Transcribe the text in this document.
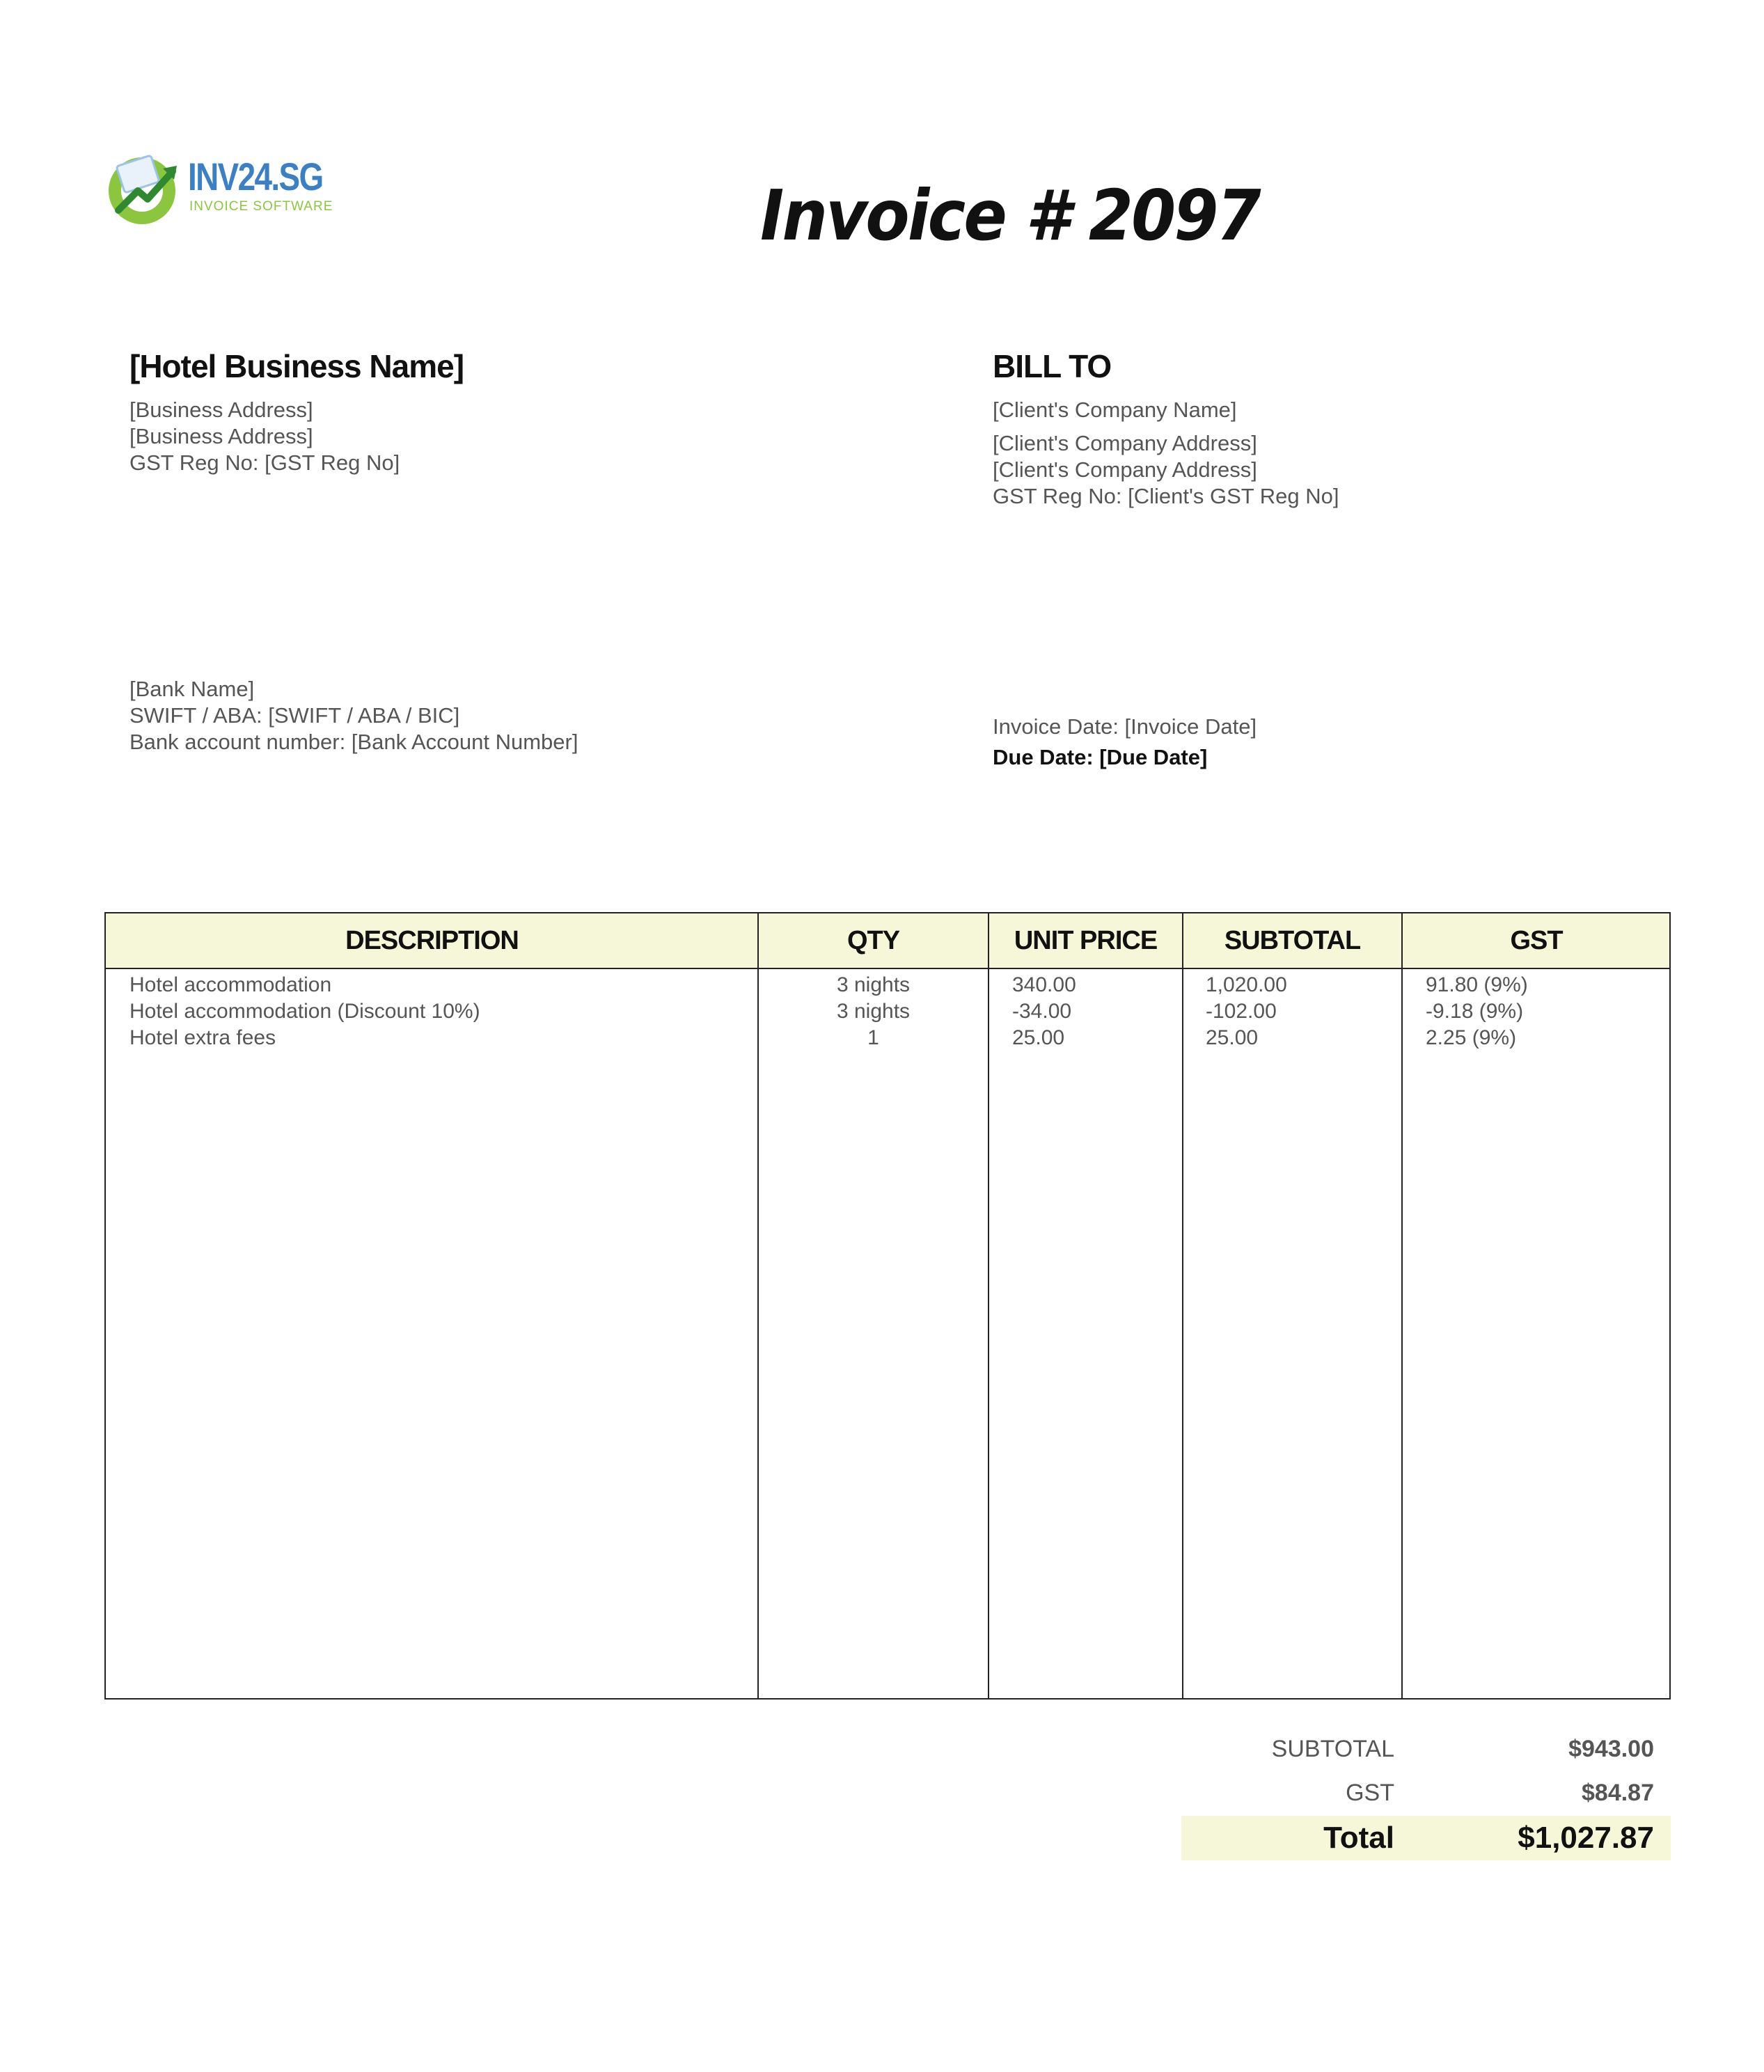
INV24.SG
INVOICE SOFTWARE	Invoice # 2097
[Hotel Business Name]
[Business Address]
[Business Address]
GST Reg No: [GST Reg No]
BILL TO
[Client's Company Name]
[Client's Company Address]
[Client's Company Address]
GST Reg No: [Client's GST Reg No]
[Bank Name]
SWIFT / ABA: [SWIFT / ABA / BIC]
Bank account number: [Bank Account Number]
Invoice Date: [Invoice Date]
Due Date: [Due Date]
DESCRIPTION	QTY	UNIT PRICE	SUBTOTAL	GST
Hotel accommodation	3 nights	340.00	1,020.00	91.80 (9%)
Hotel accommodation (Discount 10%)	3 nights	-34.00	-102.00	-9.18 (9%)
Hotel extra fees	1	25.00	25.00	2.25 (9%)
SUBTOTAL	$943.00
GST	$84.87
Total	$1,027.87
